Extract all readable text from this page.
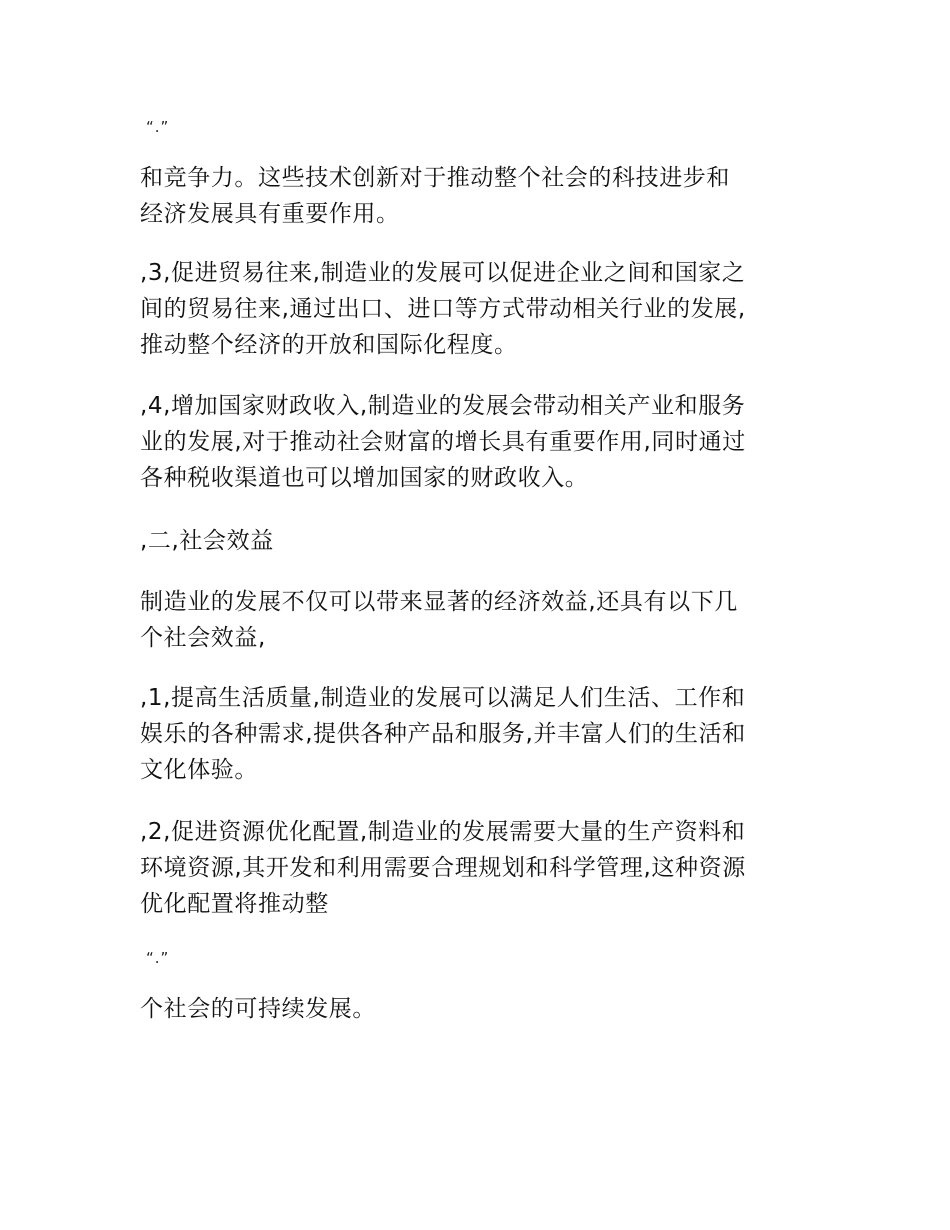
“.”

和竞争力。这些技术创新对于推动整个社会的科技进步和
经济发展具有重要作用。

,3,促进贸易往来,制造业的发展可以促进企业之间和国家之
间的贸易往来,通过出口、进口等方式带动相关行业的发展,
推动整个经济的开放和国际化程度。

,4,增加国家财政收入,制造业的发展会带动相关产业和服务
业的发展,对于推动社会财富的增长具有重要作用,同时通过
各种税收渠道也可以增加国家的财政收入。

,二,社会效益

制造业的发展不仅可以带来显著的经济效益,还具有以下几
个社会效益,

,1,提高生活质量,制造业的发展可以满足人们生活、工作和
娱乐的各种需求,提供各种产品和服务,并丰富人们的生活和
文化体验。

,2,促进资源优化配置,制造业的发展需要大量的生产资料和
环境资源,其开发和利用需要合理规划和科学管理,这种资源
优化配置将推动整

“.”

个社会的可持续发展。
